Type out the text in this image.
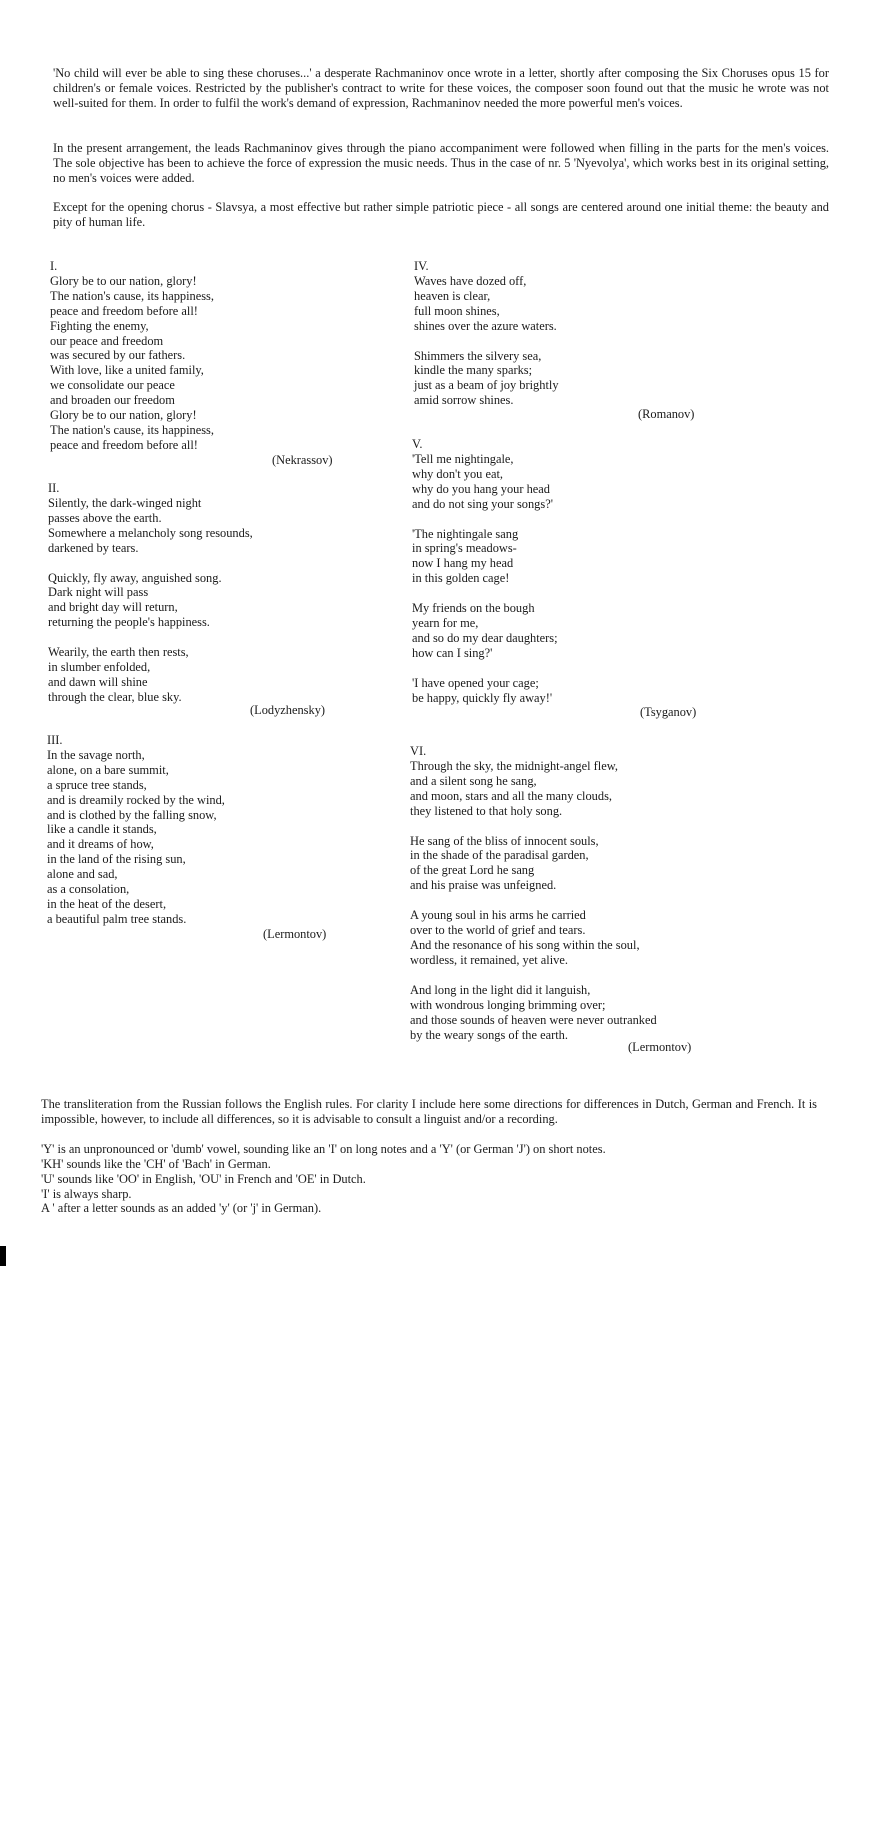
'No child will ever be able to sing these choruses...' a desperate Rachmaninov once wrote in a letter, shortly after composing the Six Choruses opus 15 for children's or female voices. Restricted by the publisher's contract to write for these voices, the composer soon found out that the music he wrote was not well-suited for them. In order to fulfil the work's demand of expression, Rachmaninov needed the more powerful men's voices.

In the present arrangement, the leads Rachmaninov gives through the piano accompaniment were followed when filling in the parts for the men's voices. The sole objective has been to achieve the force of expression the music needs. Thus in the case of nr. 5 'Nyevolya', which works best in its original setting, no men's voices were added.

Except for the opening chorus - Slavsya, a most effective but rather simple patriotic piece - all songs are centered around one initial theme: the beauty and pity of human life.

I.
Glory be to our nation, glory!
The nation's cause, its happiness,
peace and freedom before all!
Fighting the enemy,
our peace and freedom
was secured by our fathers.
With love, like a united family,
we consolidate our peace
and broaden our freedom
Glory be to our nation, glory!
The nation's cause, its happiness,
peace and freedom before all!
(Nekrassov)
II.
Silently, the dark-winged night
passes above the earth.
Somewhere a melancholy song resounds,
darkened by tears.
Quickly, fly away, anguished song.
Dark night will pass
and bright day will return,
returning the people's happiness.
Wearily, the earth then rests,
in slumber enfolded,
and dawn will shine
through the clear, blue sky.
(Lodyzhensky)
III.
In the savage north,
alone, on a bare summit,
a spruce tree stands,
and is dreamily rocked by the wind,
and is clothed by the falling snow,
like a candle it stands,
and it dreams of how,
in the land of the rising sun,
alone and sad,
as a consolation,
in the heat of the desert,
a beautiful palm tree stands.
(Lermontov)
IV.
Waves have dozed off,
heaven is clear,
full moon shines,
shines over the azure waters.
Shimmers the silvery sea,
kindle the many sparks;
just as a beam of joy brightly
amid sorrow shines.
(Romanov)
V.
'Tell me nightingale,
why don't you eat,
why do you hang your head
and do not sing your songs?'
'The nightingale sang
in spring's meadows-
now I hang my head
in this golden cage!
My friends on the bough
yearn for me,
and so do my dear daughters;
how can I sing?'
'I have opened your cage;
be happy, quickly fly away!'
(Tsyganov)
VI.
Through the sky, the midnight-angel flew,
and a silent song he sang,
and moon, stars and all the many clouds,
they listened to that holy song.
He sang of the bliss of innocent souls,
in the shade of the paradisal garden,
of the great Lord he sang
and his praise was unfeigned.
A young soul in his arms he carried
over to the world of grief and tears.
And the resonance of his song within the soul,
wordless, it remained, yet alive.
And long in the light did it languish,
with wondrous longing brimming over;
and those sounds of heaven were never outranked
by the weary songs of the earth.
(Lermontov)

The transliteration from the Russian follows the English rules. For clarity I include here some directions for differences in Dutch, German and French. It is impossible, however, to include all differences, so it is advisable to consult a linguist and/or a recording.

'Y' is an unpronounced or 'dumb' vowel, sounding like an 'I' on long notes and a 'Y' (or German 'J') on short notes.
'KH' sounds like the 'CH' of 'Bach' in German.
'U' sounds like 'OO' in English, 'OU' in French and 'OE' in Dutch.
'I' is always sharp.
A ' after a letter sounds as an added 'y' (or 'j' in German).
